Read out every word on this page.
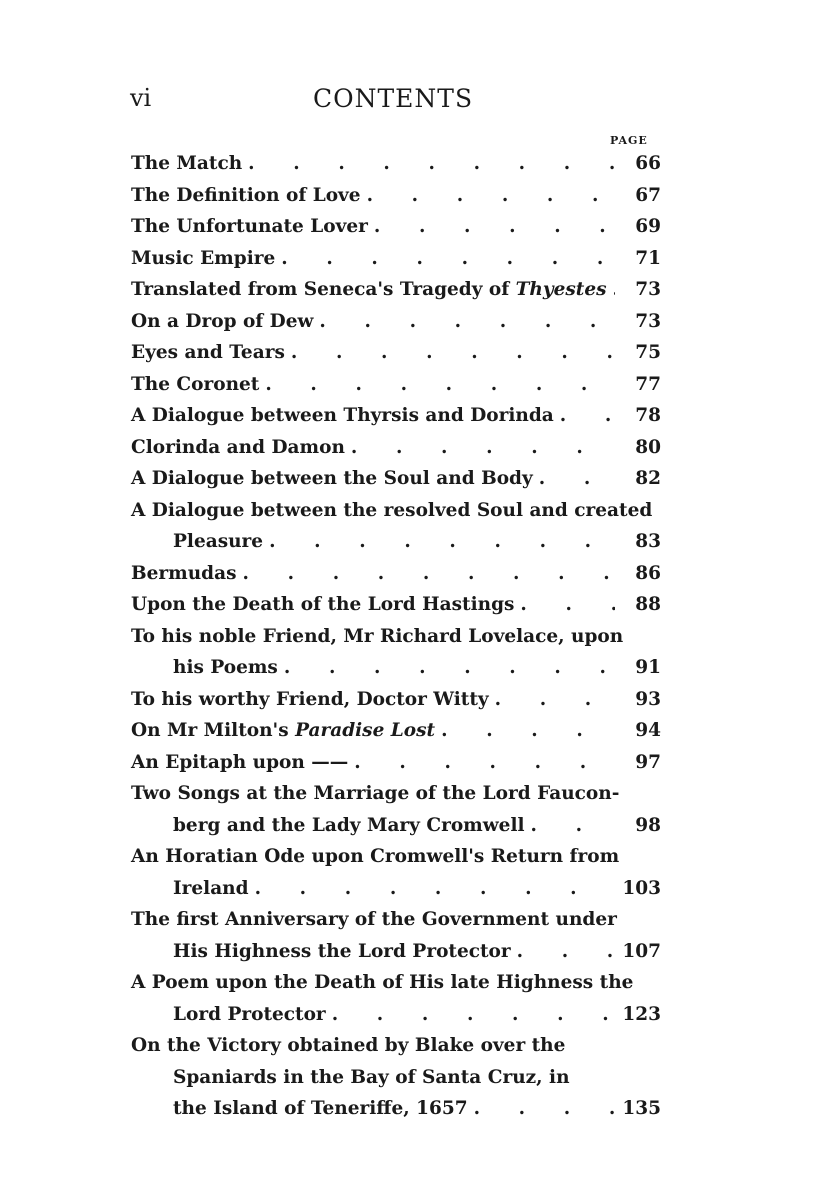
vi	CONTENTS
PAGE
The Match .	66
The Definition of Love .	67
The Unfortunate Lover .	69
Music Empire .	71
Translated from Seneca's Tragedy of Thyestes .	73
On a Drop of Dew .	73
Eyes and Tears .	75
The Coronet .	77
A Dialogue between Thyrsis and Dorinda .	78
Clorinda and Damon .	80
A Dialogue between the Soul and Body .	82
A Dialogue between the resolved Soul and created
Pleasure .	83
Bermudas .	86
Upon the Death of the Lord Hastings .	88
To his noble Friend, Mr Richard Lovelace, upon
his Poems .	91
To his worthy Friend, Doctor Witty .	93
On Mr Milton's Paradise Lost .	94
An Epitaph upon —— .	97
Two Songs at the Marriage of the Lord Faucon-
berg and the Lady Mary Cromwell .	98
An Horatian Ode upon Cromwell's Return from
Ireland .	103
The first Anniversary of the Government under
His Highness the Lord Protector .	107
A Poem upon the Death of His late Highness the
Lord Protector .	123
On the Victory obtained by Blake over the
Spaniards in the Bay of Santa Cruz, in
the Island of Teneriffe, 1657 .	135
